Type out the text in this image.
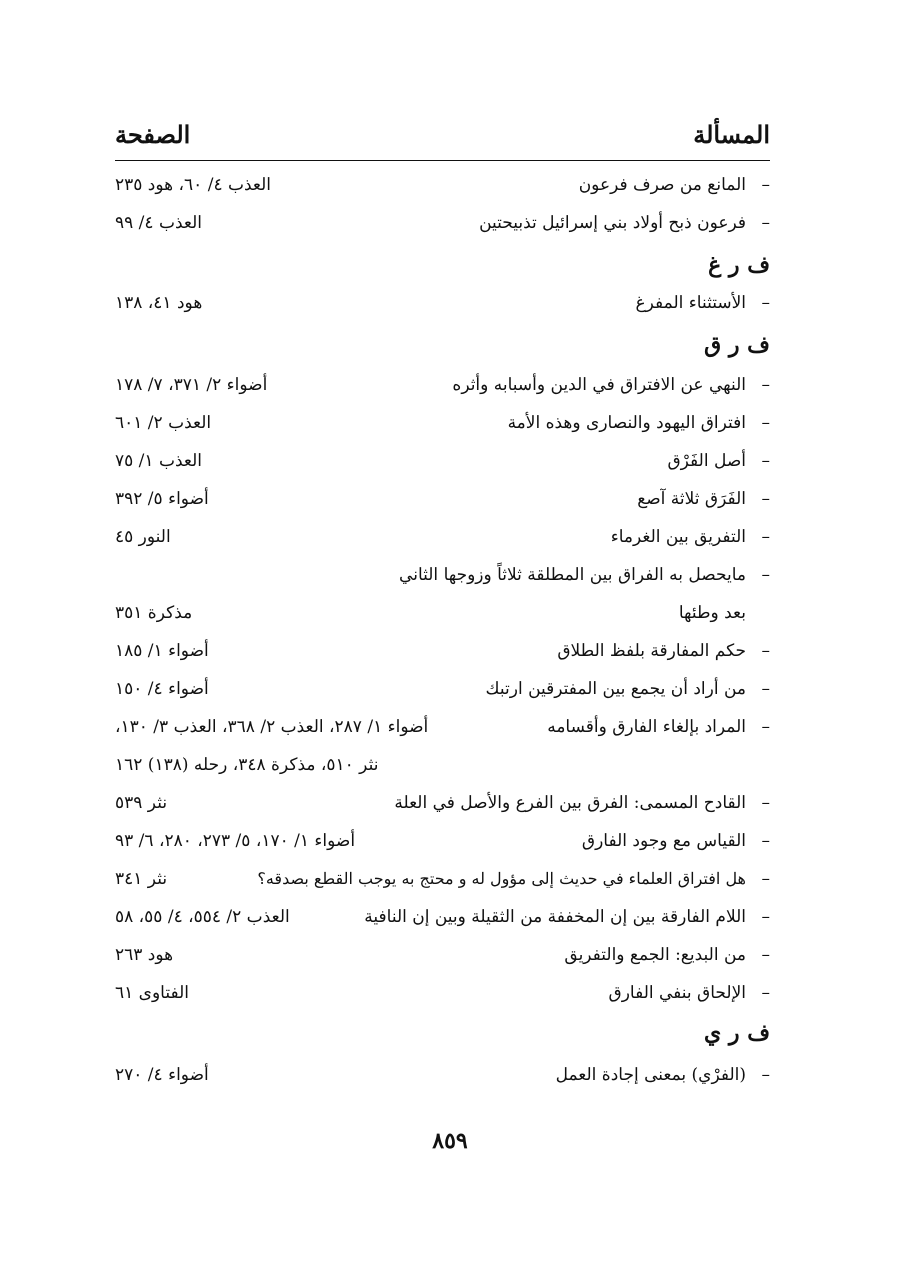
المسألة
الصفحة
–
المانع من صرف فرعون
العذب ٤/ ٦٠، هود ٢٣٥
–
فرعون ذبح أولاد بني إسرائيل تذبيحتين
العذب ٤/ ٩٩
ف ر غ
–
الأستثناء المفرغ
هود ٤١، ١٣٨
ف ر ق
–
النهي عن الافتراق في الدين وأسبابه وأثره
أضواء ٢/ ٣٧١، ٧/ ١٧٨
–
افتراق اليهود والنصارى وهذه الأمة
العذب ٢/ ٦٠١
–
أصل الفَرْق
العذب ١/ ٧٥
–
الفَرَق ثلاثة آصع
أضواء ٥/ ٣٩٢
–
التفريق بين الغرماء
النور ٤٥
–
مايحصل به الفراق بين المطلقة ثلاثاً وزوجها الثاني
بعد وطئها
مذكرة ٣٥١
–
حكم المفارقة بلفظ الطلاق
أضواء ١/ ١٨٥
–
من أراد أن يجمع بين المفترقين ارتبك
أضواء ٤/ ١٥٠
–
المراد بإلغاء الفارق وأقسامه
أضواء ١/ ٢٨٧، العذب ٢/ ٣٦٨، العذب ٣/ ١٣٠،
نثر ٥١٠، مذكرة ٣٤٨، رحله (١٣٨) ١٦٢
–
القادح المسمى: الفرق بين الفرع والأصل في العلة
نثر ٥٣٩
–
القياس مع وجود الفارق
أضواء ١/ ١٧٠، ٥/ ٢٧٣، ٢٨٠، ٦/ ٩٣
–
هل افتراق العلماء في حديث إلى مؤول له و محتج به يوجب القطع بصدقه؟
نثر ٣٤١
–
اللام الفارقة بين إن المخففة من الثقيلة وبين إن النافية
العذب ٢/ ٥٥٤، ٤/ ٥٥، ٥٨
–
من البديع: الجمع والتفريق
هود ٢٦٣
–
الإلحاق بنفي الفارق
الفتاوى ٦١
ف ر ي
–
(الفرْي) بمعنى إجادة العمل
أضواء ٤/ ٢٧٠
٨٥٩
